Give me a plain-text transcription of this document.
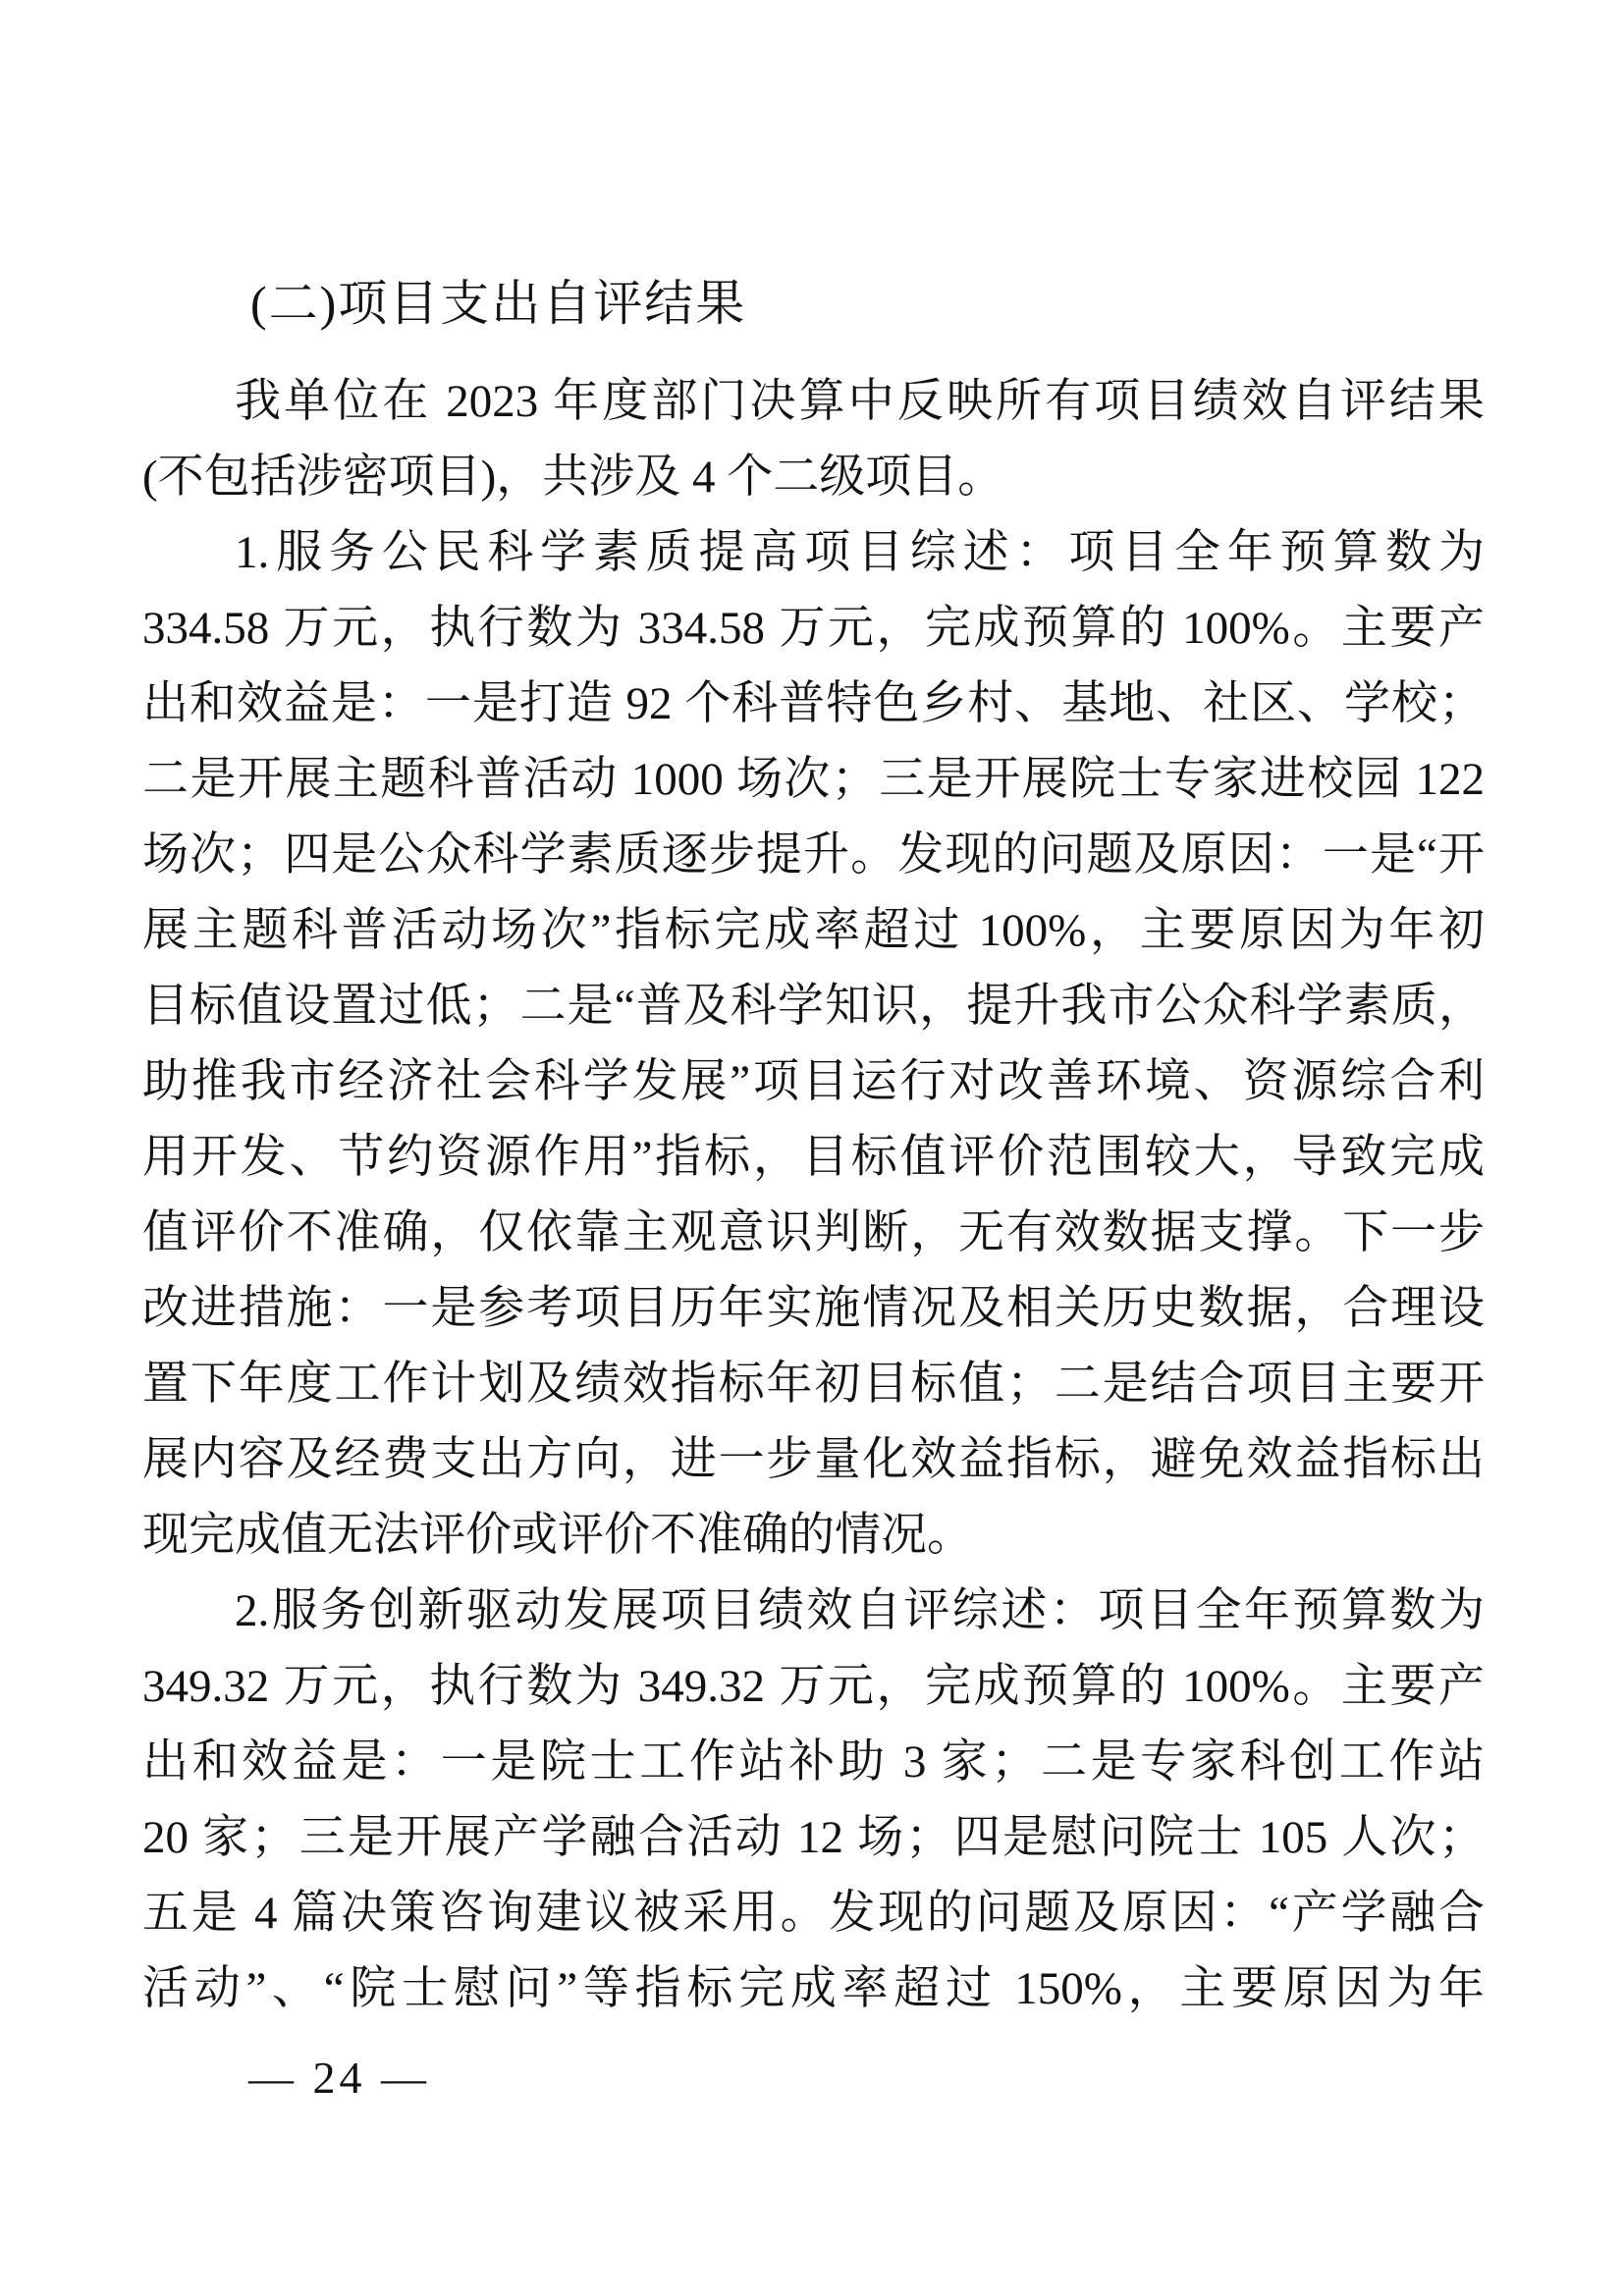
(二)项目支出自评结果
我单位在 2023 年度部门决算中反映所有项目绩效自评结果
(不包括涉密项目)，共涉及 4 个二级项目。
1.服务公民科学素质提高项目综述：项目全年预算数为
334.58 万元，执行数为 334.58 万元，完成预算的 100%。主要产
出和效益是：一是打造 92 个科普特色乡村、基地、社区、学校；
二是开展主题科普活动 1000 场次；三是开展院士专家进校园 122
场次；四是公众科学素质逐步提升。发现的问题及原因：一是“开
展主题科普活动场次”指标完成率超过 100%，主要原因为年初
目标值设置过低；二是“普及科学知识，提升我市公众科学素质，
助推我市经济社会科学发展”项目运行对改善环境、资源综合利
用开发、节约资源作用”指标，目标值评价范围较大，导致完成
值评价不准确，仅依靠主观意识判断，无有效数据支撑。下一步
改进措施：一是参考项目历年实施情况及相关历史数据，合理设
置下年度工作计划及绩效指标年初目标值；二是结合项目主要开
展内容及经费支出方向，进一步量化效益指标，避免效益指标出
现完成值无法评价或评价不准确的情况。
2.服务创新驱动发展项目绩效自评综述：项目全年预算数为
349.32 万元，执行数为 349.32 万元，完成预算的 100%。主要产
出和效益是：一是院士工作站补助 3 家；二是专家科创工作站
20 家；三是开展产学融合活动 12 场；四是慰问院士 105 人次；
五是 4 篇决策咨询建议被采用。发现的问题及原因：“产学融合
活动”、“院士慰问”等指标完成率超过 150%，主要原因为年
— 24 —
